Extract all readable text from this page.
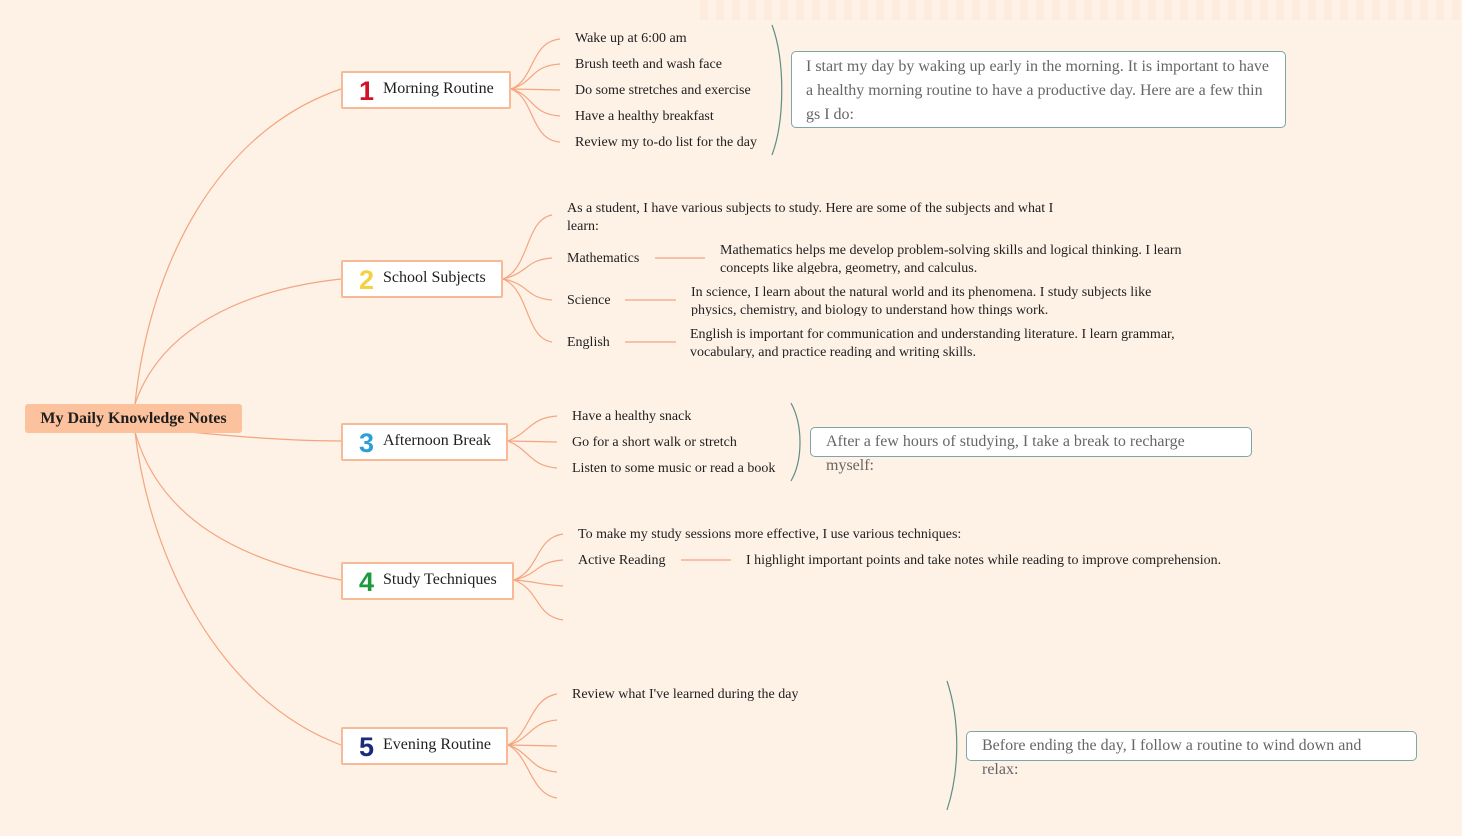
My Daily Knowledge Notes
1 Morning Routine
Wake up at 6:00 am
Brush teeth and wash face
Do some stretches and exercise
Have a healthy breakfast
Review my to-do list for the day
I start my day by waking up early in the morning. It is important to have a healthy morning routine to have a productive day. Here are a few thin gs I do:
2 School Subjects
As a student, I have various subjects to study. Here are some of the subjects and what I learn:
Mathematics
Mathematics helps me develop problem-solving skills and logical thinking. I learn concepts like algebra, geometry, and calculus.
Science
In science, I learn about the natural world and its phenomena. I study subjects like physics, chemistry, and biology to understand how things work.
English
English is important for communication and understanding literature. I learn grammar, vocabulary, and practice reading and writing skills.
3 Afternoon Break
Have a healthy snack
Go for a short walk or stretch
Listen to some music or read a book
After a few hours of studying, I take a break to recharge myself:
4 Study Techniques
To make my study sessions more effective, I use various techniques:
Active Reading	I highlight important points and take notes while reading to improve comprehension.
5 Evening Routine
Review what I've learned during the day
Before ending the day, I follow a routine to wind down and relax:
